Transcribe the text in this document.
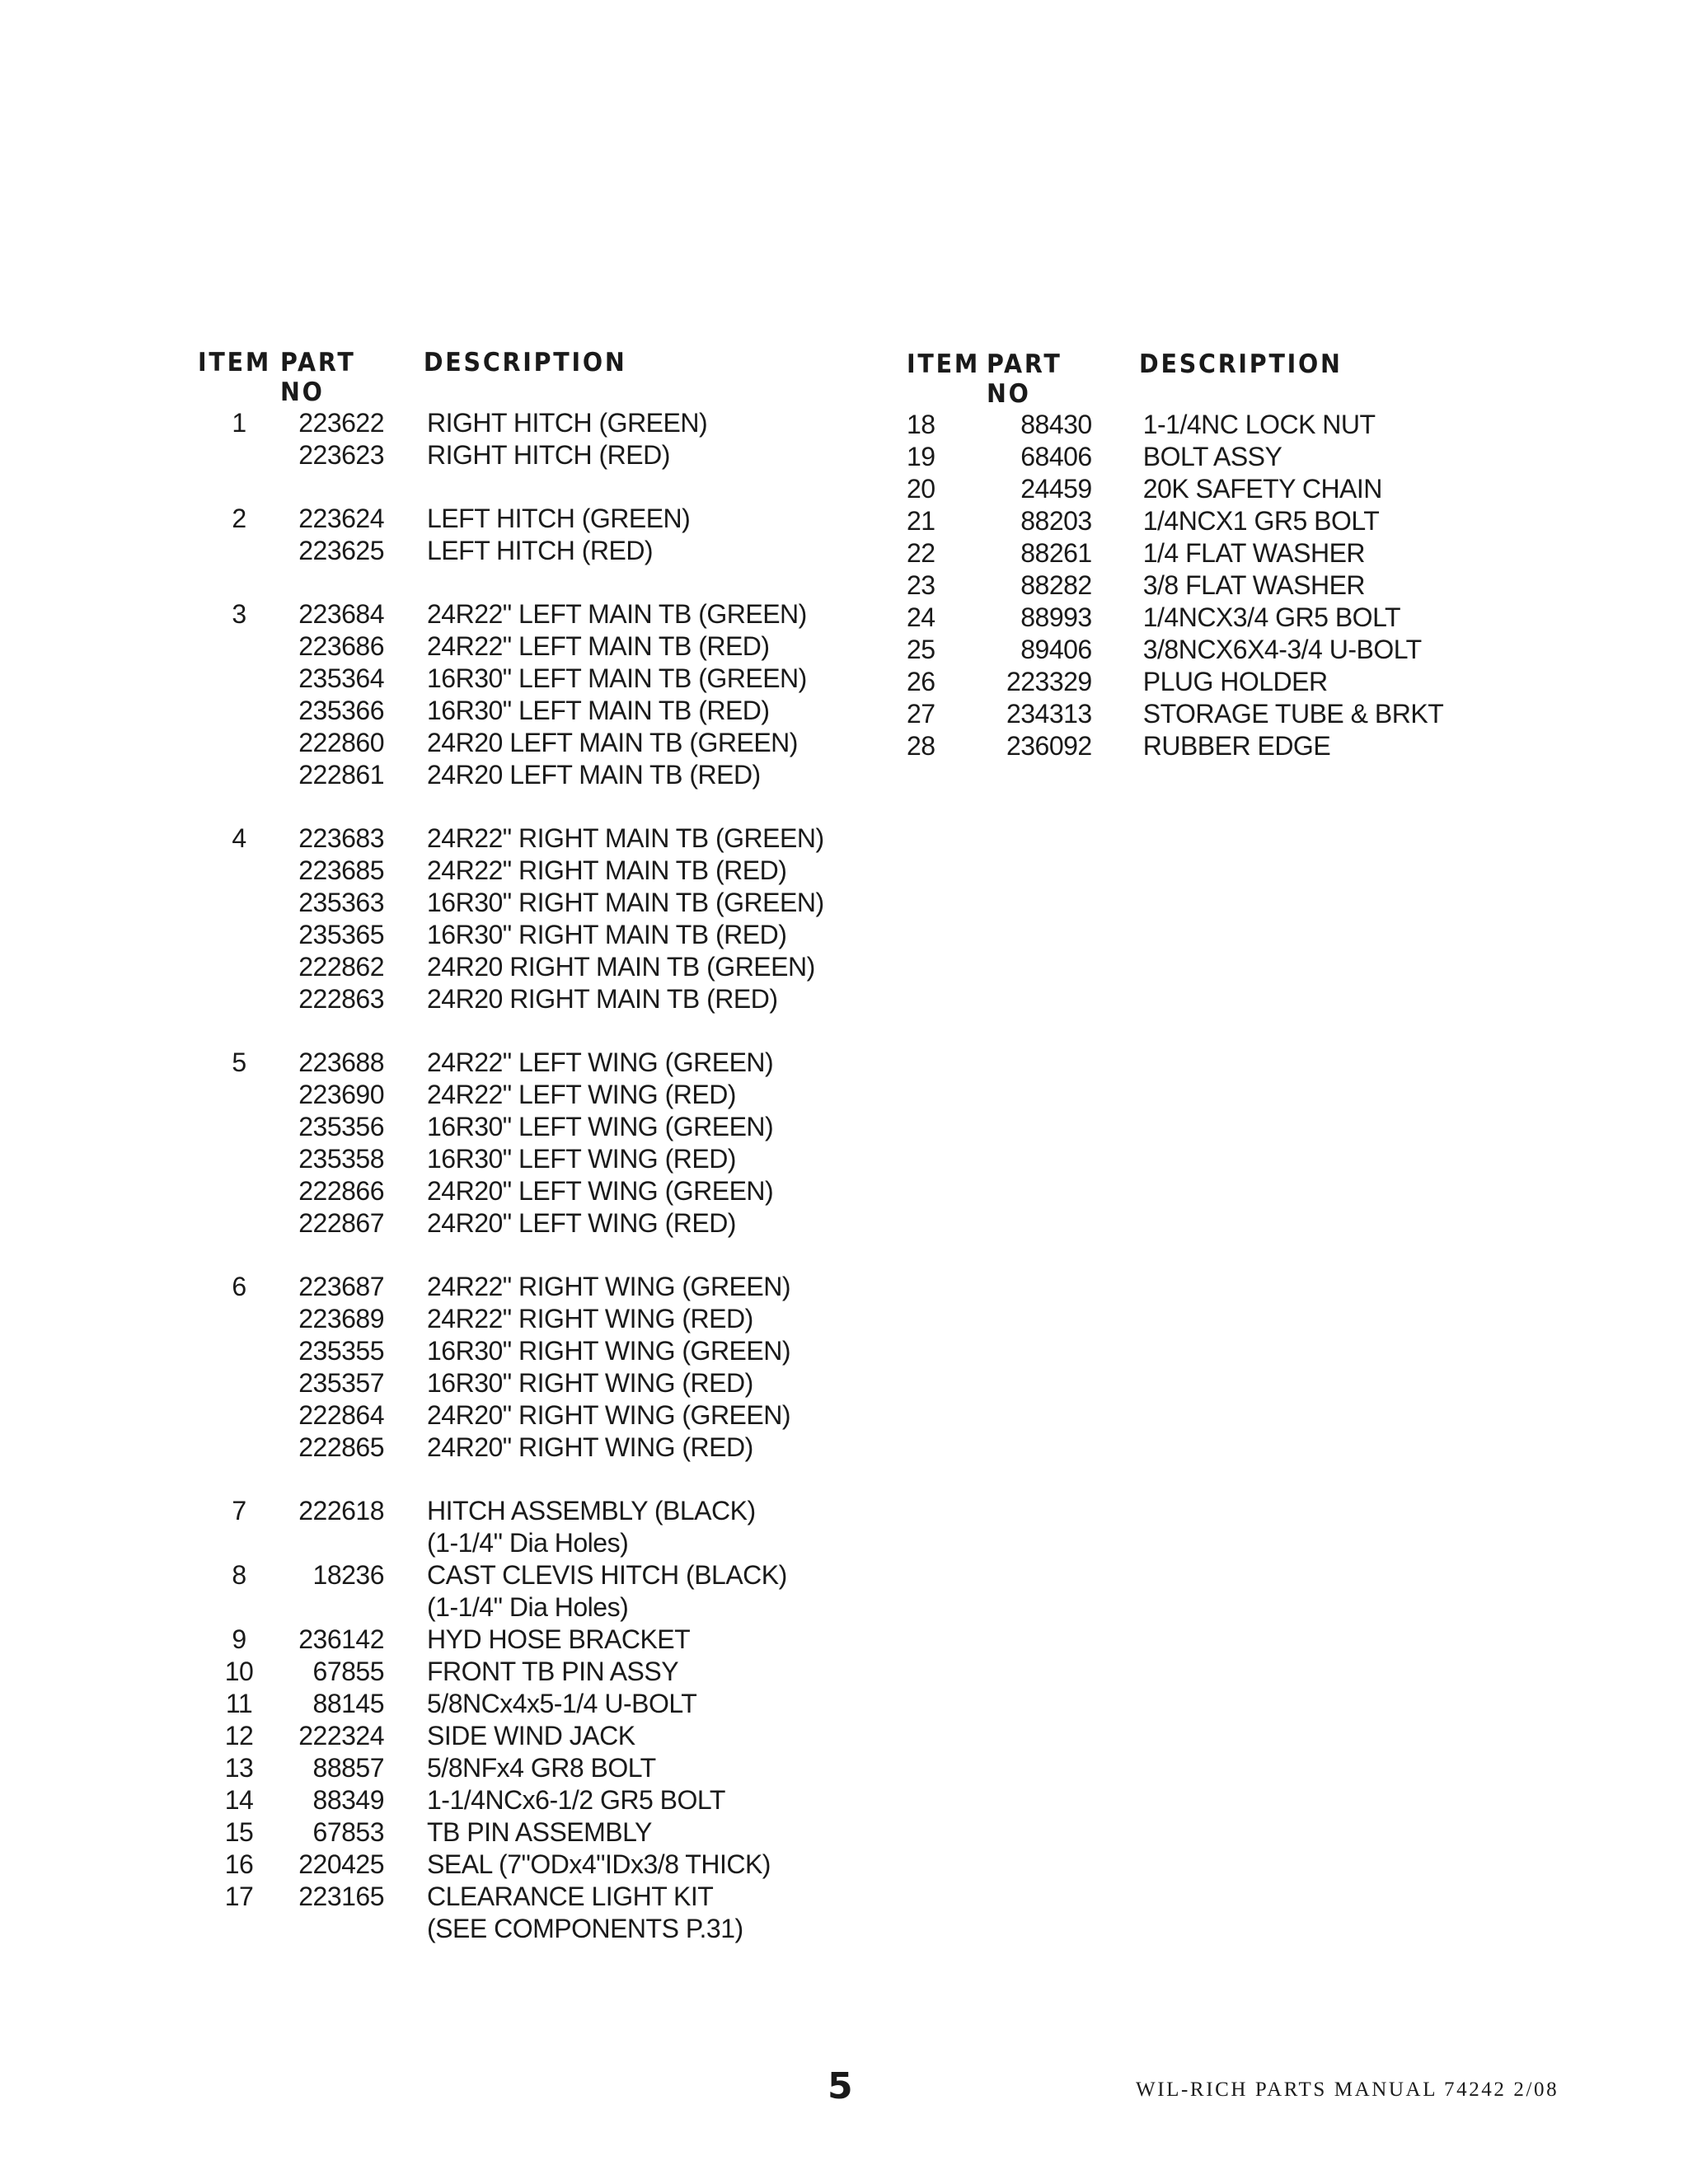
ITEM	PART NO	DESCRIPTION
1	223622	RIGHT HITCH (GREEN)
	223623	RIGHT HITCH (RED)

2	223624	LEFT HITCH (GREEN)
	223625	LEFT HITCH (RED)

3	223684	24R22" LEFT MAIN TB (GREEN)
	223686	24R22" LEFT MAIN TB (RED)
	235364	16R30" LEFT MAIN TB (GREEN)
	235366	16R30" LEFT MAIN TB (RED)
	222860	24R20 LEFT MAIN TB (GREEN)
	222861	24R20 LEFT MAIN TB (RED)

4	223683	24R22" RIGHT MAIN TB (GREEN)
	223685	24R22" RIGHT MAIN TB (RED)
	235363	16R30" RIGHT MAIN TB (GREEN)
	235365	16R30" RIGHT MAIN TB (RED)
	222862	24R20 RIGHT MAIN TB (GREEN)
	222863	24R20 RIGHT MAIN TB (RED)

5	223688	24R22" LEFT WING (GREEN)
	223690	24R22" LEFT WING (RED)
	235356	16R30" LEFT WING (GREEN)
	235358	16R30" LEFT WING (RED)
	222866	24R20" LEFT WING (GREEN)
	222867	24R20" LEFT WING (RED)

6	223687	24R22" RIGHT WING (GREEN)
	223689	24R22" RIGHT WING (RED)
	235355	16R30" RIGHT WING (GREEN)
	235357	16R30" RIGHT WING (RED)
	222864	24R20" RIGHT WING (GREEN)
	222865	24R20" RIGHT WING (RED)

7	222618	HITCH ASSEMBLY (BLACK)
		(1-1/4" Dia Holes)
8	18236	CAST CLEVIS HITCH (BLACK)
		(1-1/4" Dia Holes)
9	236142	HYD HOSE BRACKET
10	67855	FRONT TB PIN ASSY
11	88145	5/8NCx4x5-1/4 U-BOLT
12	222324	SIDE WIND JACK
13	88857	5/8NFx4 GR8 BOLT
14	88349	1-1/4NCx6-1/2 GR5 BOLT
15	67853	TB PIN ASSEMBLY
16	220425	SEAL (7"ODx4"IDx3/8 THICK)
17	223165	CLEARANCE LIGHT KIT
		(SEE COMPONENTS P.31)
ITEM	PART NO	DESCRIPTION
18	88430	1-1/4NC LOCK NUT
19	68406	BOLT ASSY
20	24459	20K SAFETY CHAIN
21	88203	1/4NCX1 GR5 BOLT
22	88261	1/4 FLAT WASHER
23	88282	3/8 FLAT WASHER
24	88993	1/4NCX3/4 GR5 BOLT
25	89406	3/8NCX6X4-3/4 U-BOLT
26	223329	PLUG HOLDER
27	234313	STORAGE TUBE & BRKT
28	236092	RUBBER EDGE
5	WIL-RICH PARTS MANUAL 74242 2/08
